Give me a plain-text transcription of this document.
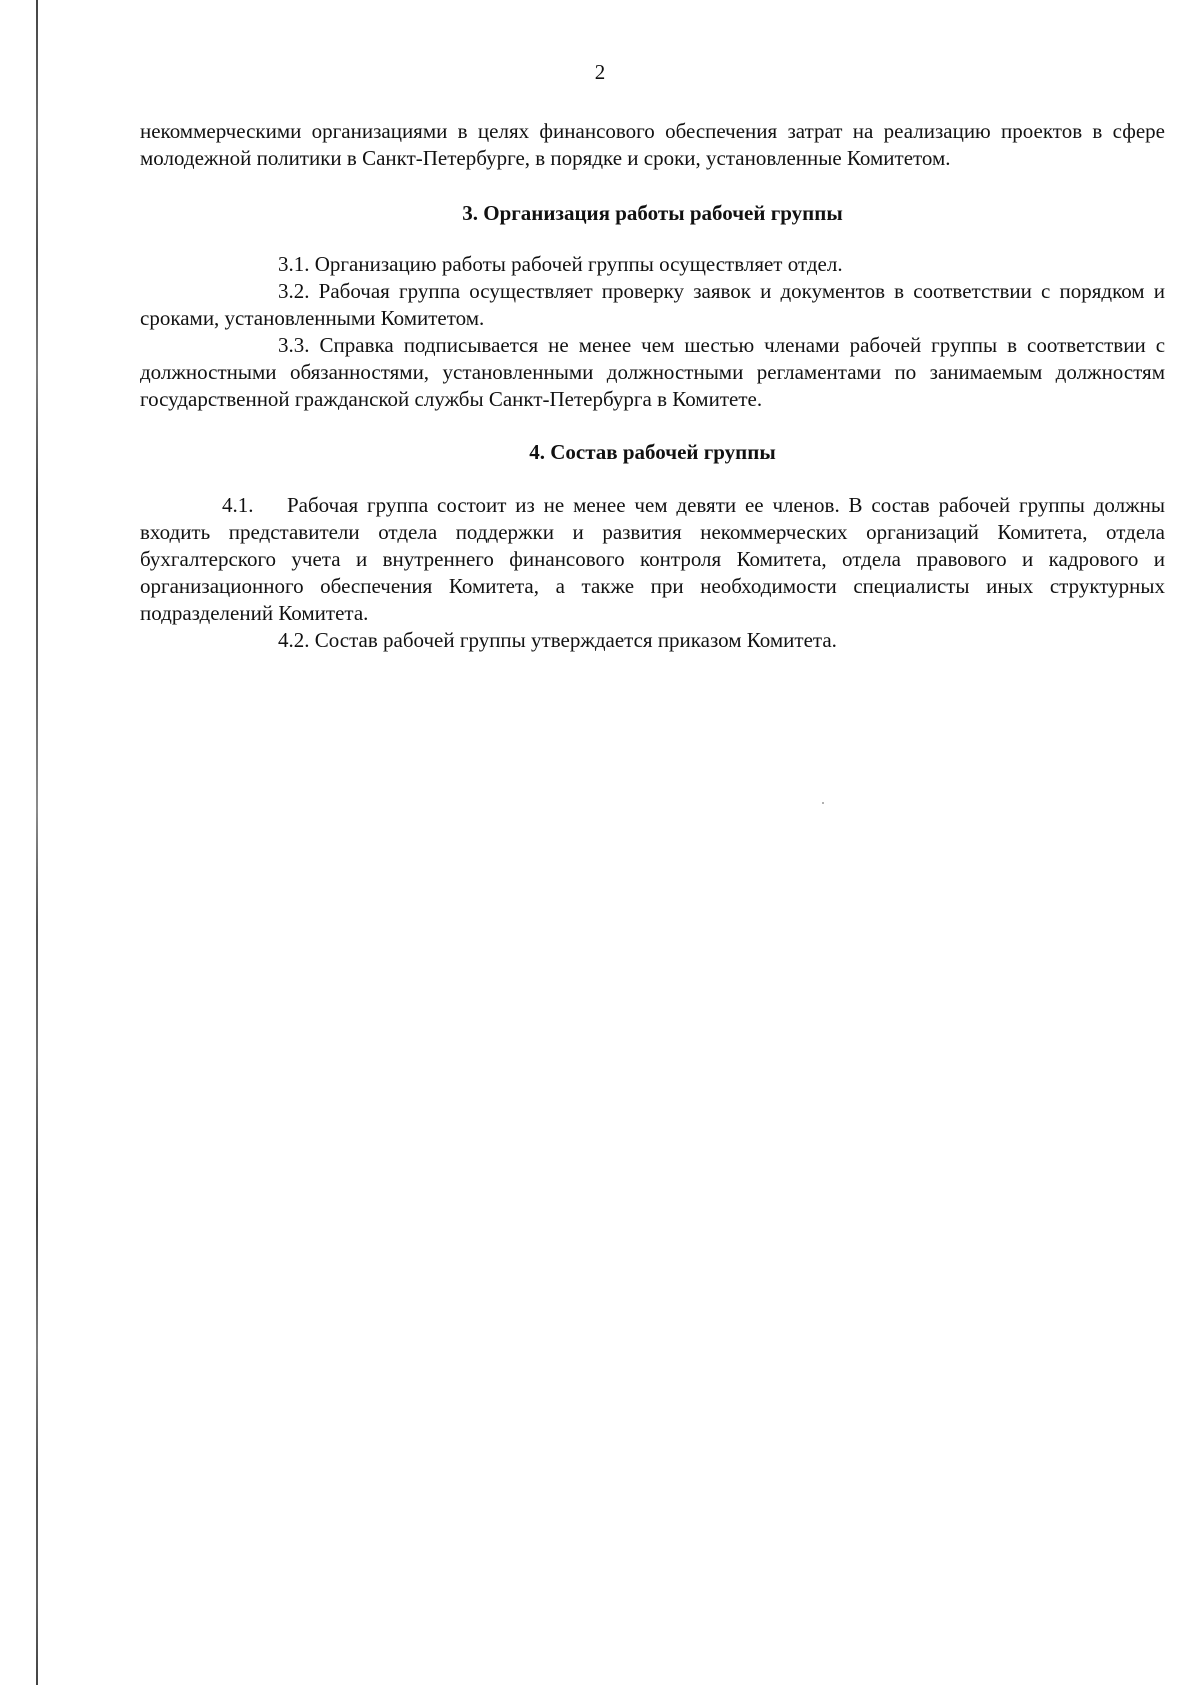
2

некоммерческими организациями в целях финансового обеспечения затрат на реализацию проектов в сфере молодежной политики в Санкт-Петербурге, в порядке и сроки, установленные Комитетом.

3. Организация работы рабочей группы

3.1. Организацию работы рабочей группы осуществляет отдел.

3.2. Рабочая группа осуществляет проверку заявок и документов в соответствии с порядком и сроками, установленными Комитетом.

3.3. Справка подписывается не менее чем шестью членами рабочей группы в соответствии с должностными обязанностями, установленными должностными регламентами по занимаемым должностям государственной гражданской службы Санкт-Петербурга в Комитете.

4. Состав рабочей группы

4.1. Рабочая группа состоит из не менее чем девяти ее членов. В состав рабочей группы должны входить представители отдела поддержки и развития некоммерческих организаций Комитета, отдела бухгалтерского учета и внутреннего финансового контроля Комитета, отдела правового и кадрового и организационного обеспечения Комитета, а также при необходимости специалисты иных структурных подразделений Комитета.

4.2. Состав рабочей группы утверждается приказом Комитета.
